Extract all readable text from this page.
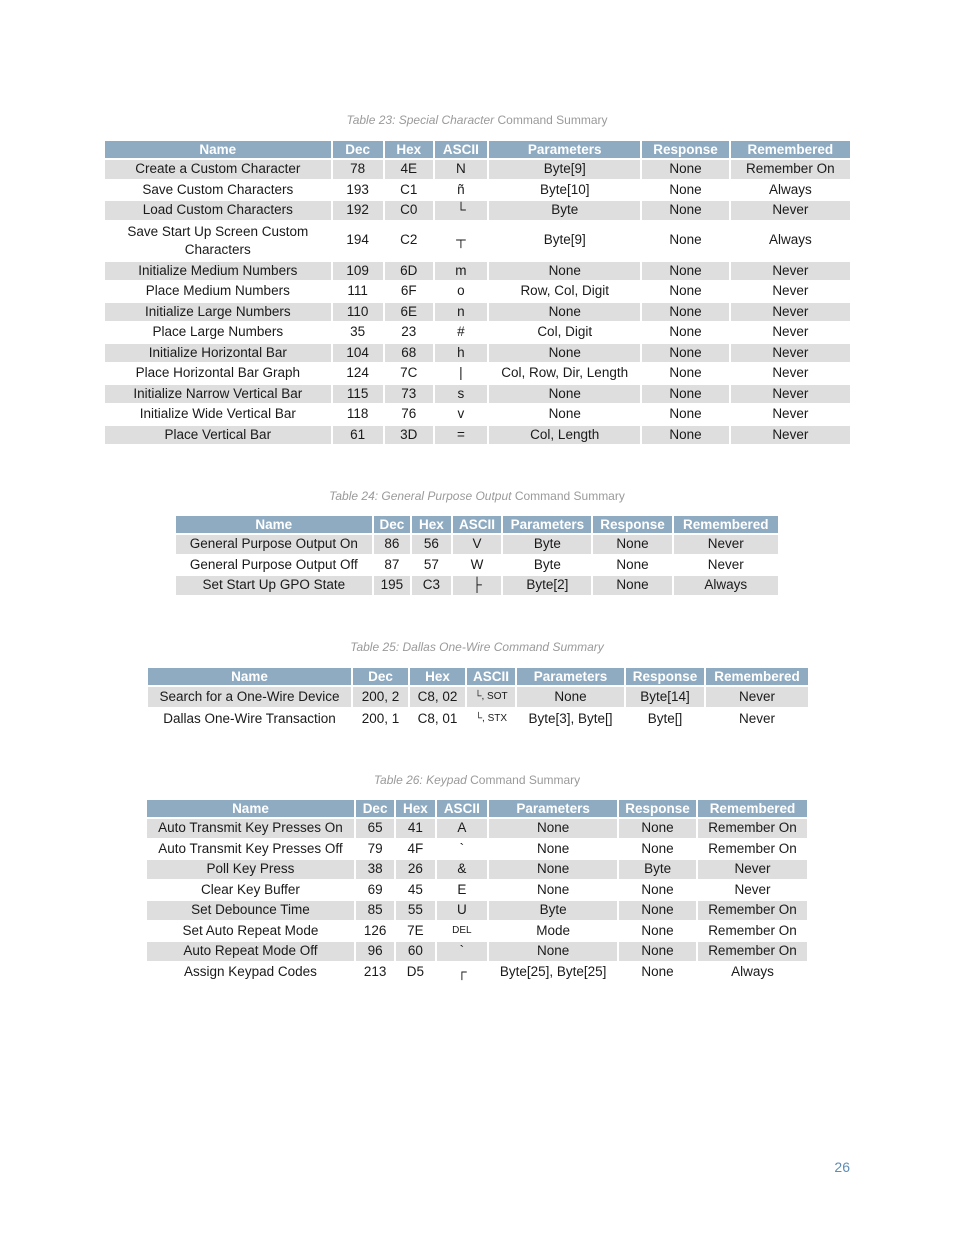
Table 23: Special Character Command Summary
Name	Dec	Hex	ASCII	Parameters	Response	Remembered
Create a Custom Character	78	4E	N	Byte[9]	None	Remember On
Save Custom Characters	193	C1	ñ	Byte[10]	None	Always
Load Custom Characters	192	C0	└	Byte	None	Never
Save Start Up Screen Custom Characters	194	C2	┬	Byte[9]	None	Always
Initialize Medium Numbers	109	6D	m	None	None	Never
Place Medium Numbers	111	6F	o	Row, Col, Digit	None	Never
Initialize Large Numbers	110	6E	n	None	None	Never
Place Large Numbers	35	23	#	Col, Digit	None	Never
Initialize Horizontal Bar	104	68	h	None	None	Never
Place Horizontal Bar Graph	124	7C	|	Col, Row, Dir, Length	None	Never
Initialize Narrow Vertical Bar	115	73	s	None	None	Never
Initialize Wide Vertical Bar	118	76	v	None	None	Never
Place Vertical Bar	61	3D	=	Col, Length	None	Never
Table 24: General Purpose Output Command Summary
Name	Dec	Hex	ASCII	Parameters	Response	Remembered
General Purpose Output On	86	56	V	Byte	None	Never
General Purpose Output Off	87	57	W	Byte	None	Never
Set Start Up GPO State	195	C3	├	Byte[2]	None	Always
Table 25: Dallas One-Wire Command Summary
Name	Dec	Hex	ASCII	Parameters	Response	Remembered
Search for a One-Wire Device	200, 2	C8, 02	└, SOT	None	Byte[14]	Never
Dallas One-Wire Transaction	200, 1	C8, 01	└, STX	Byte[3], Byte[]	Byte[]	Never
Table 26: Keypad Command Summary
Name	Dec	Hex	ASCII	Parameters	Response	Remembered
Auto Transmit Key Presses On	65	41	A	None	None	Remember On
Auto Transmit Key Presses Off	79	4F	`	None	None	Remember On
Poll Key Press	38	26	&	None	Byte	Never
Clear Key Buffer	69	45	E	None	None	Never
Set Debounce Time	85	55	U	Byte	None	Remember On
Set Auto Repeat Mode	126	7E	DEL	Mode	None	Remember On
Auto Repeat Mode Off	96	60	`	None	None	Remember On
Assign Keypad Codes	213	D5	┌	Byte[25], Byte[25]	None	Always
26
